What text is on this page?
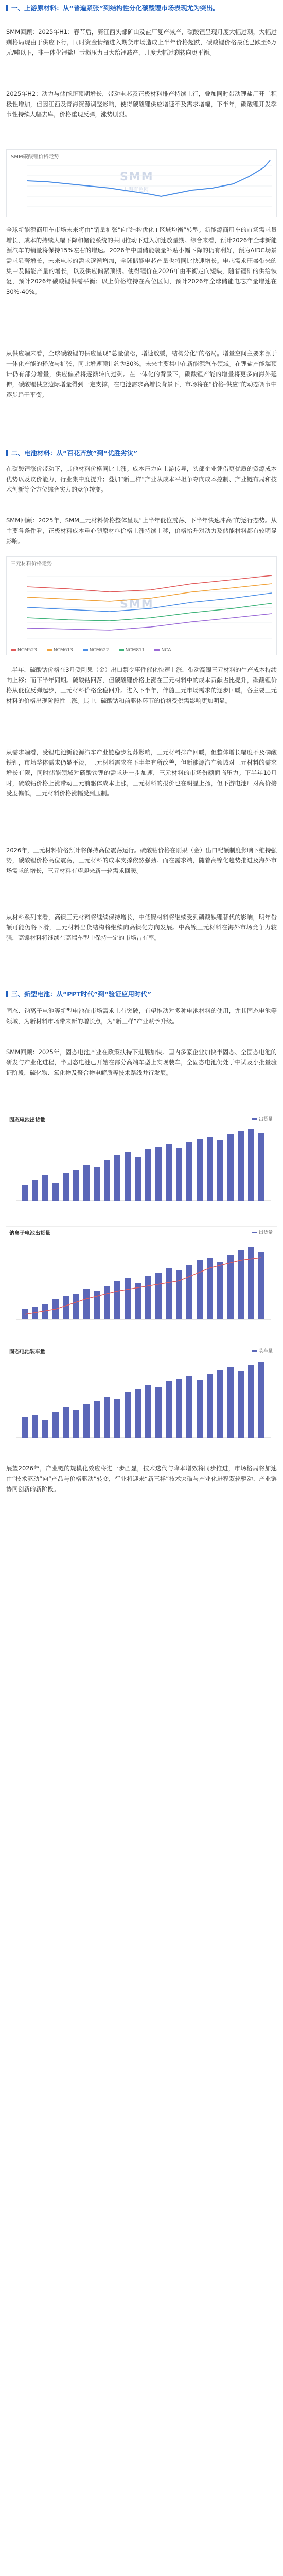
一、上游原材料：从“普遍紧张”到结构性分化碳酸锂市场表现尤为突出。
SMM回顾：2025年H1：春节后，骑江西头部矿山及盐厂复产减产，碳酸锂呈现月度大幅过剩，大幅过剩格局现由于供应下行，同时资金情绪进入期货市场造成上半年价格超跌，碳酸锂价格最低已跌至6万元/吨以下，非一体化锂盐厂亏损压力日大给锂减产，月度大幅过剩转向更平衡。
2025年H2：动力与储能超预期增长，带动电芯及正极材料排产持续上行，叠加同时带动锂盐厂开工积极性增加，但因江西及青海资源调整影响，使得碳酸锂供应增速不及需求增幅，下半年，碳酸锂开发季节性持续大幅去库，价格重现反弹，涨势剧烈。
SMM碳酸锂价格走势
SMM
上海有色网
全球新能源商用车市场未来将由“销量扩张”向“结构优化+区域均衡”转型。新能源商用车的市场需求量增长，成本的持续大幅下降和储能系统的共同推动下进入加速放量期。综合来看，预计2026年全球新能源汽车的销量将保持15%左右的增速。2026年中国储能装量补贴小幅下降的仍有利好，预为AIDC场景需求显著增长，未来电芯的需求逐渐增加，全球储能电芯产量也将同比快速增长。电芯需求旺盛带来的集中及储能产量的增长，以及供应偏紧预期。使得锂价在2026年由平衡走向短缺，随着锂矿的供给恢复，预计2026年碳酸锂供需平衡；以上价格维持在高位区间，预计2026年全球储能电芯产量增速在30%-40%。
从供应端来看，全球碳酸锂的供应呈现“总量偏松，增速放缓，结构分化”的格局。增量空间主要来源于一体化产能的释放与扩张，同比增速预计约为30%。未来主要集中在新能源汽车领域。在锂盐产能端预计仍有部分增量，供应偏紧将逐渐转向过剩。在一体化的背景下，碳酸锂产能的增量将更多向海外延伸，碳酸锂供应边际增量得到一定支撑，在电池需求高增长背景下，市场将在“价格-供应”的动态调节中逐步趋于平衡。
二、电池材料：从“百花齐放”到“优胜劣汰”
在碳酸锂涨价带动下，其他材料价格同比上涨。成本压力向上游传导，头部企业凭借更优质的资源成本优势以及议价能力，行业集中度提升；叠加“新三样”产业从成本平坦争夺向成本控制、产业链布局和技术创新等全方位综合实力的竞争转变。
SMM回顾：2025年，SMM三元材料价格整体呈现“上半年低位震荡、下半年快速冲高”的运行态势。从主要各条件看，正极材料成本重心随原材料价格上涨持续上移，价格抬升对动力及储能材料都有较明显影响。
三元材料价格走势
SMM
NCM523	NCM613	NCM622	NCM811	NCA
上半年，硫酸钴价格在3月受刚果（金）出口禁令事件催化快速上涨，带动高镍三元材料的生产成本持续向上移；而下半年同期。硫酸钴回落，但碳酸锂价格上涨在三元材料中的成本贡献占比提升，碳酸锂价格从低位反弹起步，三元材料价格企稳回升。进入下半年，伴随三元市场需求的逐步回暖，各主要三元材料的价格出现阶段性上涨。其中，硫酸钴和前驱体环节的价格受供需影响更加明显。
从需求端看，受锂电池新能源汽车产业链稳步复苏影响，三元材料排产回暖，但整体增长幅度不及磷酸铁锂，市场整体需求仍显平淡，三元材料需求在下半年有所改善，但新能源汽车领域对三元材料的需求增长有限，同时储能领域对磷酸铁锂的需求进一步加速，三元材料的市场份额面临压力。下半年10月时，硫酸钴价格上涨带动三元前驱体成本上涨，三元材料的报价也在明显上扬，但下游电池厂对高价接受度偏低，三元材料价格涨幅受到压制。
2026年，三元材料价格预计将保持高位震荡运行。硫酸钴价格在刚果（金）出口配额制度影响下维持强势，碳酸锂价格高位震荡，三元材料的成本支撑依然强劲。而在需求端，随着高镍化趋势推进及海外市场需求的增长，三元材料有望迎来新一轮需求回暖。
从材料系列来看，高镍三元材料将继续保持增长，中低镍材料将继续受到磷酸铁锂替代的影响，明年份额可能仍将下滑，三元材料出货结构将继续向高镍化方向发展。中高镍三元材料在海外市场竞争力较强，高镍材料将继续在高端车型中保持一定的市场占有率。
三、新型电池：从“PPT时代”到“验证应用时代”
固态、钠离子电池等新型电池在市场需求上有突破，有望推动对多种电池材料的使用，尤其固态电池等领域，为新材料市场带来新的增长点，为“新三样”产业赋予升级。
SMM回顾：2025年，固态电池产业在政策扶持下进展加快。国内多家企业加快半固态、全固态电池的研发与产业化进程，半固态电池已开始在部分高端车型上实现装车，全固态电池仍处于中试及小批量验证阶段，硫化物、氧化物及聚合物电解质等技术路线并行发展。
固态电池出货量	出货量
钠离子电池出货量	出货量
固态电池装车量	装车量
展望2026年，产业链的规模化效应将进一步凸显，技术迭代与降本增效将同步推进，市场格局将加速由“技术驱动”向“产品与价格驱动”转变，行业将迎来“新三样”技术突破与产业化进程双轮驱动、产业链协同创新的新阶段。
